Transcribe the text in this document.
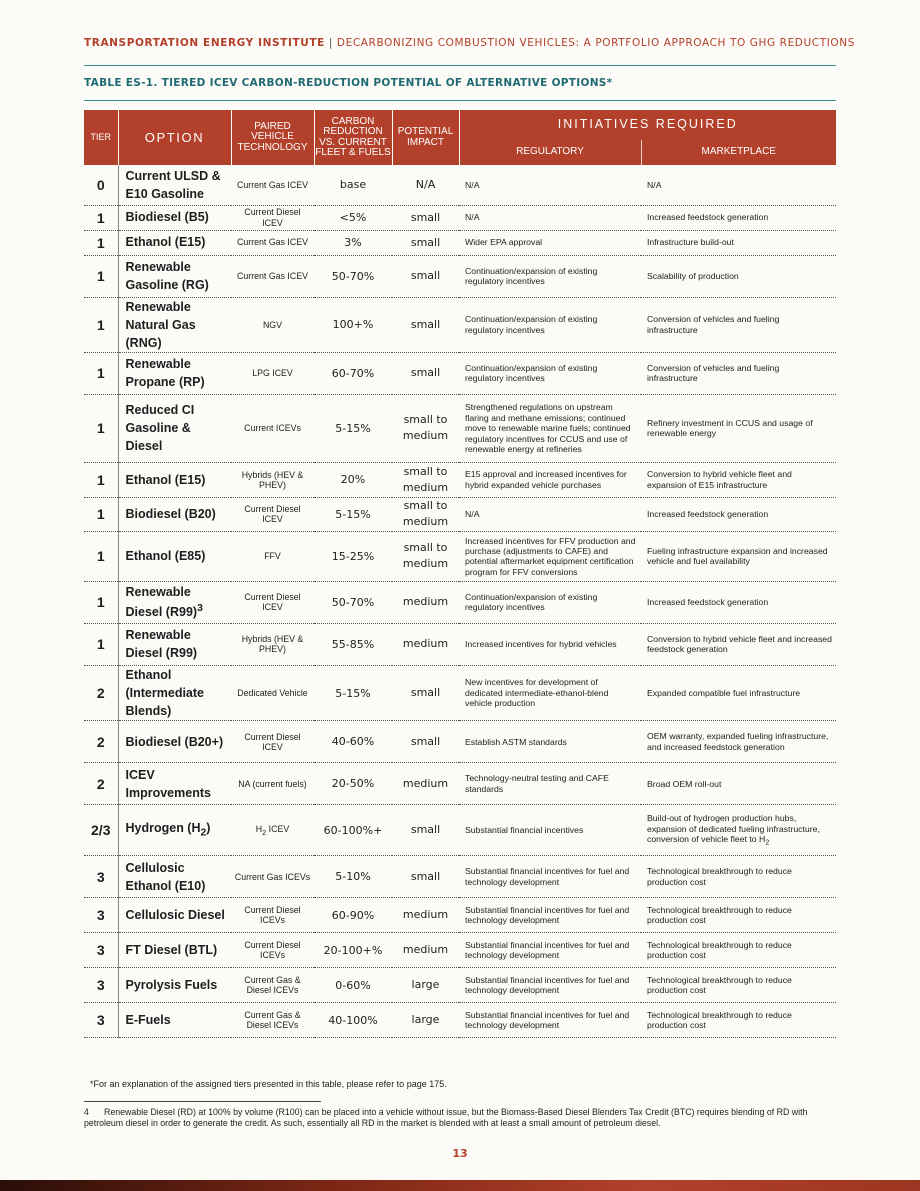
TRANSPORTATION ENERGY INSTITUTE | DECARBONIZING COMBUSTION VEHICLES: A PORTFOLIO APPROACH TO GHG REDUCTIONS
TABLE ES-1. TIERED ICEV CARBON-REDUCTION POTENTIAL OF ALTERNATIVE OPTIONS*
TIER	OPTION	PAIRED VEHICLE TECHNOLOGY	CARBON REDUCTION VS. CURRENT FLEET & FUELS	POTENTIAL IMPACT	INITIATIVES REQUIRED	
					REGULATORY	MARKETPLACE
0	Current ULSD & E10 Gasoline	Current Gas ICEV	base	N/A	N/A	N/A
1	Biodiesel (B5)	Current Diesel ICEV	<5%	small	N/A	Increased feedstock generation
1	Ethanol (E15)	Current Gas ICEV	3%	small	Wider EPA approval	Infrastructure build-out
1	Renewable Gasoline (RG)	Current Gas ICEV	50-70%	small	Continuation/expansion of existing regulatory incentives	Scalability of production
1	Renewable Natural Gas (RNG)	NGV	100+%	small	Continuation/expansion of existing regulatory incentives	Conversion of vehicles and fueling infrastructure
1	Renewable Propane (RP)	LPG ICEV	60-70%	small	Continuation/expansion of existing regulatory incentives	Conversion of vehicles and fueling infrastructure
1	Reduced CI Gasoline & Diesel	Current ICEVs	5-15%	small to medium	Strengthened regulations on upstream flaring and methane emissions; continued move to renewable marine fuels; continued regulatory incentives for CCUS and use of renewable energy at refineries	Refinery investment in CCUS and usage of renewable energy
1	Ethanol (E15)	Hybrids (HEV & PHEV)	20%	small to medium	E15 approval and increased incentives for hybrid expanded vehicle purchases	Conversion to hybrid vehicle fleet and expansion of E15 infrastructure
1	Biodiesel (B20)	Current Diesel ICEV	5-15%	small to medium	N/A	Increased feedstock generation
1	Ethanol (E85)	FFV	15-25%	small to medium	Increased incentives for FFV production and purchase (adjustments to CAFE) and potential aftermarket equipment certification program for FFV conversions	Fueling infrastructure expansion and increased vehicle and fuel availability
1	Renewable Diesel $(R99)^3$	Current Diesel ICEV	50-70%	medium	Continuation/expansion of existing regulatory incentives	Increased feedstock generation
1	Renewable Diesel (R99)	Hybrids (HEV & PHEV)	55-85%	medium	Increased incentives for hybrid vehicles	Conversion to hybrid vehicle fleet and increased feedstock generation
2	Ethanol (Intermediate Blends)	Dedicated Vehicle	5-15%	small	New incentives for development of dedicated intermediate-ethanol-blend vehicle production	Expanded compatible fuel infrastructure
2	Biodiesel (B20+)	Current Diesel ICEV	40-60%	small	Establish ASTM standards	OEM warranty, expanded fueling infrastructure, and increased feedstock generation
2	ICEV Improvements	NA (current fuels)	20-50%	medium	Technology-neutral testing and CAFE standards	Broad OEM roll-out
2/3	Hydrogen $(H_2)$	$H_2$ ICEV	60-100%+	small	Substantial financial incentives	Build-out of hydrogen production hubs, expansion of dedicated fueling infrastructure, conversion of vehicle fleet to $H_2$
3	Cellulosic Ethanol (E10)	Current Gas ICEVs	5-10%	small	Substantial financial incentives for fuel and technology development	Technological breakthrough to reduce production cost
3	Cellulosic Diesel	Current Diesel ICEVs	60-90%	medium	Substantial financial incentives for fuel and technology development	Technological breakthrough to reduce production cost
3	FT Diesel (BTL)	Current Diesel ICEVs	20-100+%	medium	Substantial financial incentives for fuel and technology development	Technological breakthrough to reduce production cost
3	Pyrolysis Fuels	Current Gas & Diesel ICEVs	0-60%	large	Substantial financial incentives for fuel and technology development	Technological breakthrough to reduce production cost
3	E-Fuels	Current Gas & Diesel ICEVs	40-100%	large	Substantial financial incentives for fuel and technology development	Technological breakthrough to reduce production cost
*For an explanation of the assigned tiers presented in this table, please refer to page 175.
4 Renewable Diesel (RD) at 100% by volume (R100) can be placed into a vehicle without issue, but the Biomass-Based Diesel Blenders Tax Credit (BTC) requires blending of RD with petroleum diesel in order to generate the credit. As such, essentially all RD in the market is blended with at least a small amount of petroleum diesel.
13
